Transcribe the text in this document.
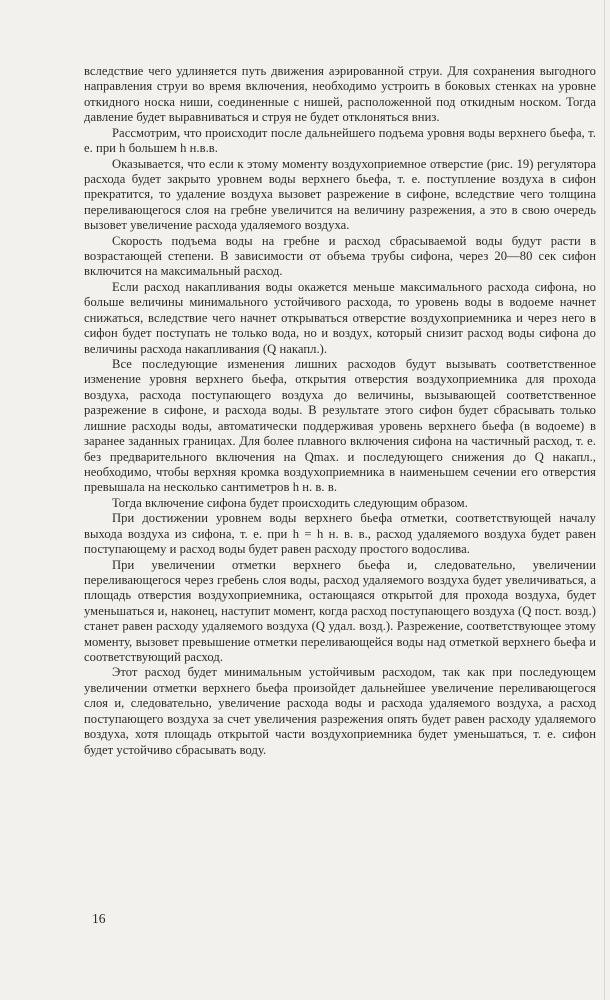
вследствие чего удлиняется путь движения аэрированной струи. Для сохранения выгодного направления струи во время включения, необходимо устроить в боковых стенках на уровне откидного носка ниши, соединенные с нишей, расположенной под откидным носком. Тогда давление будет выравниваться и струя не будет отклоняться вниз.

Рассмотрим, что происходит после дальнейшего подъема уровня воды верхнего бьефа, т. е. при h большем h н.в.в.

Оказывается, что если к этому моменту воздухоприемное отверстие (рис. 19) регулятора расхода будет закрыто уровнем воды верхнего бьефа, т. е. поступление воздуха в сифон прекратится, то удаление воздуха вызовет разрежение в сифоне, вследствие чего толщина переливающегося слоя на гребне увеличится на величину разрежения, а это в свою очередь вызовет увеличение расхода удаляемого воздуха.

Скорость подъема воды на гребне и расход сбрасываемой воды будут расти в возрастающей степени. В зависимости от объема трубы сифона, через 20—80 сек сифон включится на максимальный расход.

Если расход накапливания воды окажется меньше максимального расхода сифона, но больше величины минимального устойчивого расхода, то уровень воды в водоеме начнет снижаться, вследствие чего начнет открываться отверстие воздухоприемника и через него в сифон будет поступать не только вода, но и воздух, который снизит расход воды сифона до величины расхода накапливания (Q накапл.).

Все последующие изменения лишних расходов будут вызывать соответственное изменение уровня верхнего бьефа, открытия отверстия воздухоприемника для прохода воздуха, расхода поступающего воздуха до величины, вызывающей соответственное разрежение в сифоне, и расхода воды. В результате этого сифон будет сбрасывать только лишние расходы воды, автоматически поддерживая уровень верхнего бьефа (в водоеме) в заранее заданных границах. Для более плавного включения сифона на частичный расход, т. е. без предварительного включения на Qmax. и последующего снижения до Q накапл., необходимо, чтобы верхняя кромка воздухоприемника в наименьшем сечении его отверстия превышала на несколько сантиметров h н. в. в.

Тогда включение сифона будет происходить следующим образом.

При достижении уровнем воды верхнего бьефа отметки, соответствующей началу выхода воздуха из сифона, т. е. при h = h н. в. в., расход удаляемого воздуха будет равен поступающему и расход воды будет равен расходу простого водослива.

При увеличении отметки верхнего бьефа и, следовательно, увеличении переливающегося через гребень слоя воды, расход удаляемого воздуха будет увеличиваться, а площадь отверстия воздухоприемника, остающаяся открытой для прохода воздуха, будет уменьшаться и, наконец, наступит момент, когда расход поступающего воздуха (Q пост. возд.) станет равен расходу удаляемого воздуха (Q удал. возд.). Разрежение, соответствующее этому моменту, вызовет превышение отметки переливающейся воды над отметкой верхнего бьефа и соответствующий расход.

Этот расход будет минимальным устойчивым расходом, так как при последующем увеличении отметки верхнего бьефа произойдет дальнейшее увеличение переливающегося слоя и, следовательно, увеличение расхода воды и расхода удаляемого воздуха, а расход поступающего воздуха за счет увеличения разрежения опять будет равен расходу удаляемого воздуха, хотя площадь открытой части воздухоприемника будет уменьшаться, т. е. сифон будет устойчиво сбрасывать воду.

16
